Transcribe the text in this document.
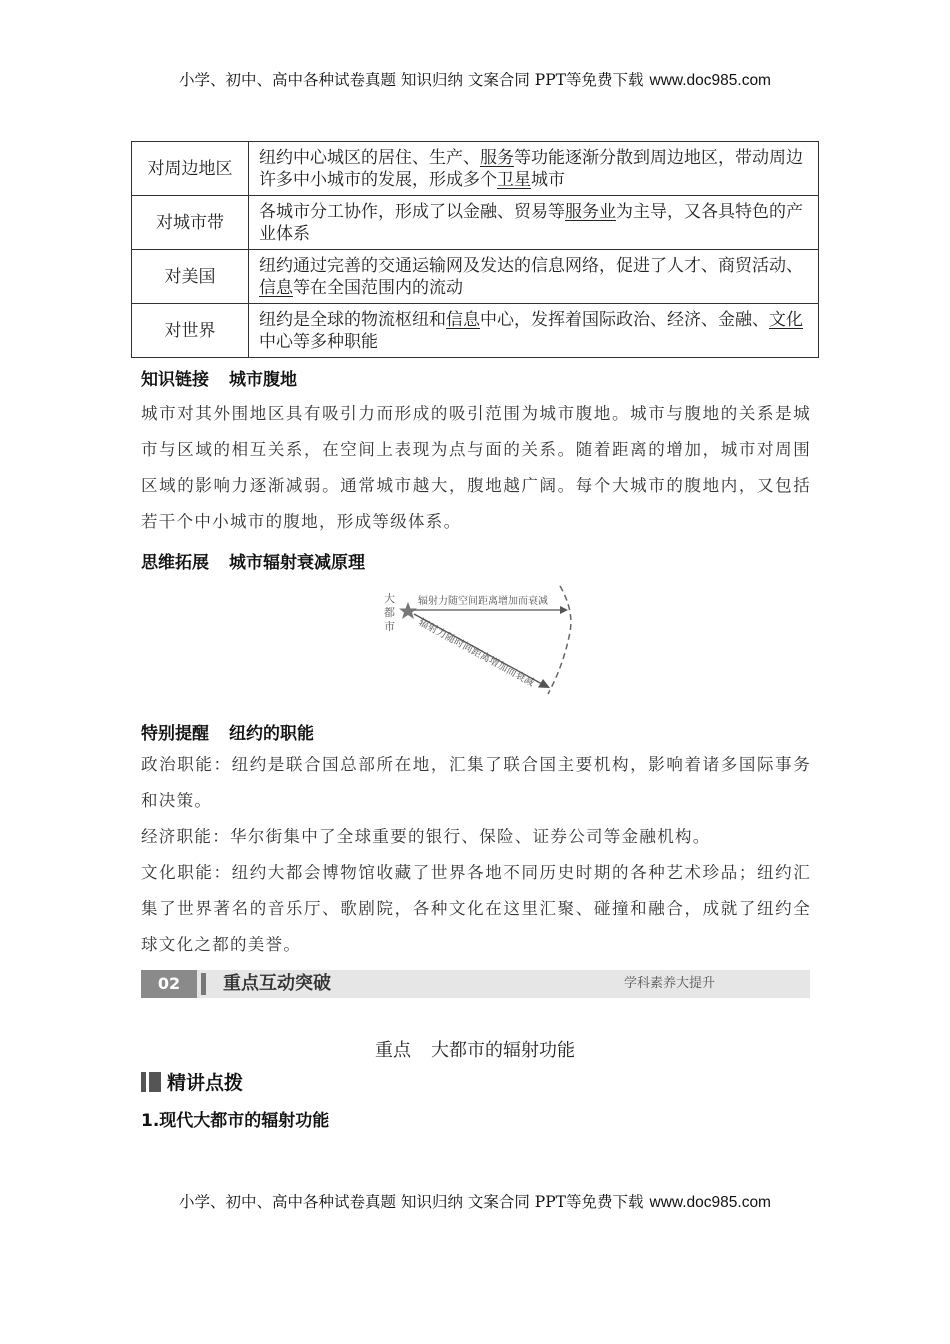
小学、初中、高中各种试卷真题 知识归纳 文案合同 PPT等免费下载 www.doc985.com
对周边地区	纽约中心城区的居住、生产、服务等功能逐渐分散到周边地区，带动周边许多中小城市的发展，形成多个卫星城市
对城市带	各城市分工协作，形成了以金融、贸易等服务业为主导，又各具特色的产业体系
对美国	纽约通过完善的交通运输网及发达的信息网络，促进了人才、商贸活动、信息等在全国范围内的流动
对世界	纽约是全球的物流枢纽和信息中心，发挥着国际政治、经济、金融、文化中心等多种职能
知识链接 城市腹地

城市对其外围地区具有吸引力而形成的吸引范围为城市腹地。城市与腹地的关系是城市与区域的相互关系，在空间上表现为点与面的关系。随着距离的增加，城市对周围区域的影响力逐渐减弱。通常城市越大，腹地越广阔。每个大城市的腹地内，又包括若干个中小城市的腹地，形成等级体系。

思维拓展 城市辐射衰减原理
大
都
市
辐射力随空间距离增加而衰减
辐射力随时间距离增加而衰减
特别提醒 纽约的职能

政治职能：纽约是联合国总部所在地，汇集了联合国主要机构，影响着诸多国际事务和决策。

经济职能：华尔街集中了全球重要的银行、保险、证券公司等金融机构。

文化职能：纽约大都会博物馆收藏了世界各地不同历史时期的各种艺术珍品；纽约汇集了世界著名的音乐厅、歌剧院，各种文化在这里汇聚、碰撞和融合，成就了纽约全球文化之都的美誉。

02	重点互动突破	学科素养大提升
重点 大都市的辐射功能
精讲点拨
1.现代大都市的辐射功能
小学、初中、高中各种试卷真题 知识归纳 文案合同 PPT等免费下载 www.doc985.com
